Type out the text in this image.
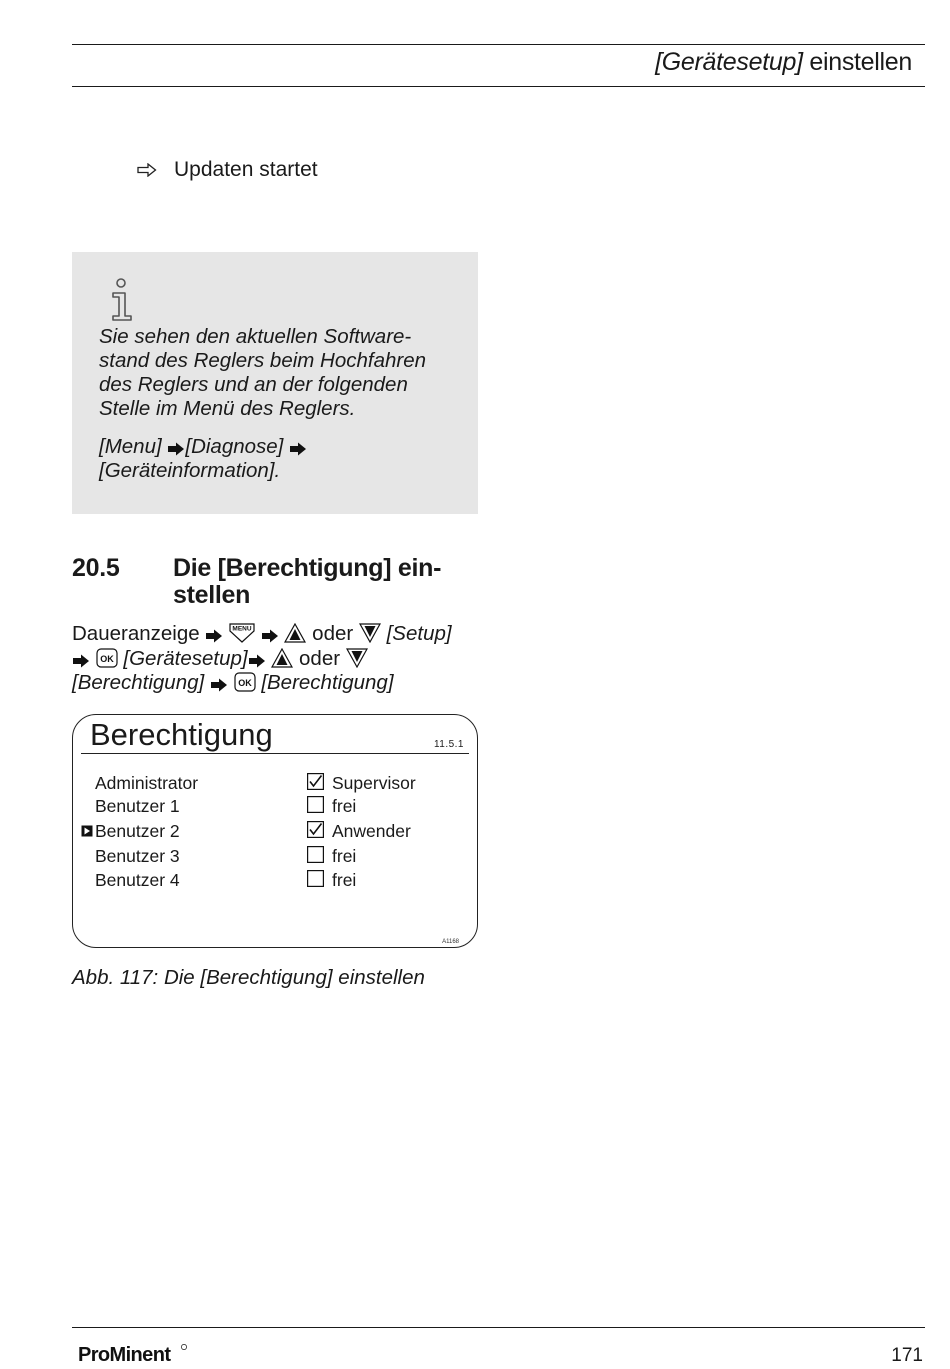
[Gerätesetup] einstellen
Updaten startet
Sie sehen den aktuellen Software-
stand des Reglers beim Hochfahren
des Reglers und an der folgenden
Stelle im Menü des Reglers.
[Menu] [Diagnose]
[Geräteinformation].
20.5	Die [Berechtigung] ein-
stellen
Daueranzeige	MENU	oder [Setup]

OK [Gerätesetup]	oder
[Berechtigung]	OK [Berechtigung]
Berechtigung	11.5.1
Administrator	Supervisor
Benutzer 1	frei
Benutzer 2	Anwender
Benutzer 3	frei
Benutzer 4	frei
A1168
Abb. 117: Die [Berechtigung] einstellen
ProMinent	171
